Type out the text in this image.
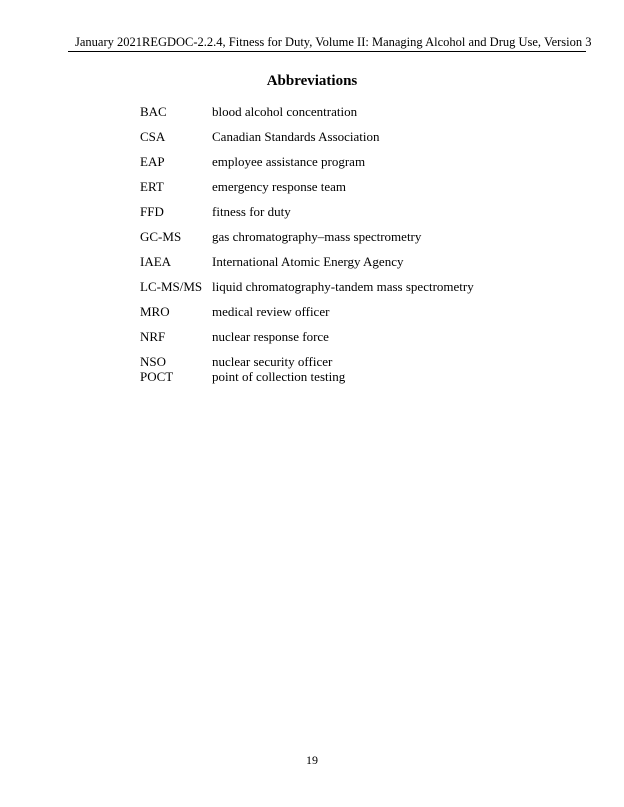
January 2021 REGDOC-2.2.4, Fitness for Duty, Volume II: Managing Alcohol and Drug Use, Version 3
Abbreviations
BAC	blood alcohol concentration
CSA	Canadian Standards Association
EAP	employee assistance program
ERT	emergency response team
FFD	fitness for duty
GC-MS	gas chromatography–mass spectrometry
IAEA	International Atomic Energy Agency
LC-MS/MS liquid chromatography-tandem mass spectrometry
MRO	medical review officer
NRF	nuclear response force
NSO	nuclear security officer
POCT	point of collection testing
19
